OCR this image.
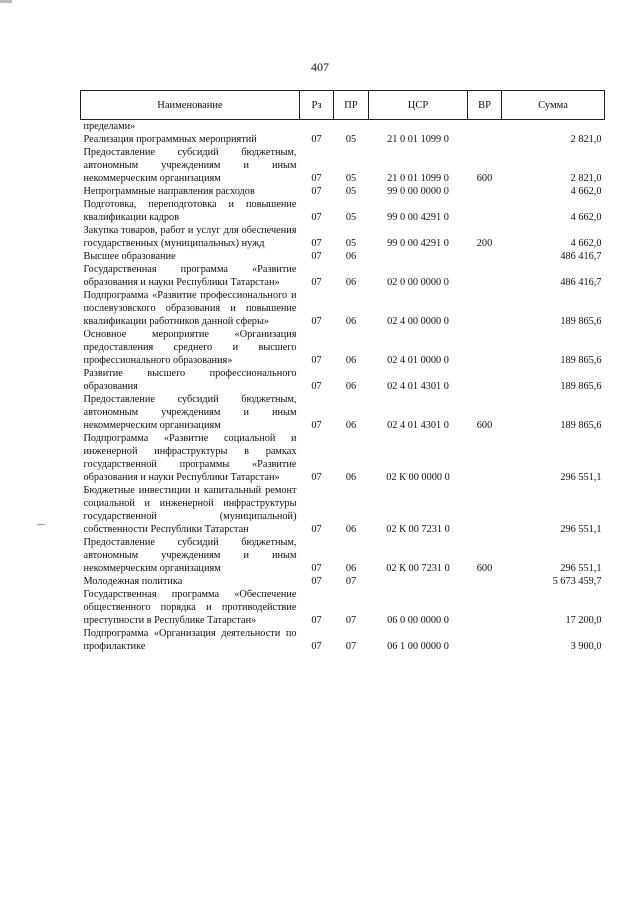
407
Наименование	Рз	ПР	ЦСР	ВР	Сумма
пределами»					
Реализация программных мероприятий	07	05	21 0 01 1099 0		2 821,0
Предоставление субсидий бюджетным, автономным учреждениям и иным некоммерческим организациям	07	05	21 0 01 1099 0	600	2 821,0
Непрограммные направления расходов	07	05	99 0 00 0000 0		4 662,0
Подготовка, переподготовка и повышение квалификации кадров	07	05	99 0 00 4291 0		4 662,0
Закупка товаров, работ и услуг для обеспечения государственных (муниципальных) нужд	07	05	99 0 00 4291 0	200	4 662,0
Высшее образование	07	06			486 416,7
Государственная программа «Развитие образования и науки Республики Татарстан»	07	06	02 0 00 0000 0		486 416,7
Подпрограмма «Развитие профессионального и послевузовского образования и повышение квалификации работников данной сферы»	07	06	02 4 00 0000 0		189 865,6
Основное мероприятие «Организация предоставления среднего и высшего профессионального образования»	07	06	02 4 01 0000 0		189 865,6
Развитие высшего профессионального образования	07	06	02 4 01 4301 0		189 865,6
Предоставление субсидий бюджетным, автономным учреждениям и иным некоммерческим организациям	07	06	02 4 01 4301 0	600	189 865,6
Подпрограмма «Развитие социальной и инженерной инфраструктуры в рамках государственной программы «Развитие образования и науки Республики Татарстан»	07	06	02 К 00 0000 0		296 551,1
Бюджетные инвестиции и капитальный ремонт социальной и инженерной инфраструктуры государственной (муниципальной) собственности Республики Татарстан	07	06	02 К 00 7231 0		296 551,1
Предоставление субсидий бюджетным, автономным учреждениям и иным некоммерческим организациям	07	06	02 К 00 7231 0	600	296 551,1
Молодежная политика	07	07			5 673 459,7
Государственная программа «Обеспечение общественного порядка и противодействие преступности в Республике Татарстан»	07	07	06 0 00 0000 0		17 200,0
Подпрограмма «Организация деятельности по профилактике	07	07	06 1 00 0000 0		3 900,0
